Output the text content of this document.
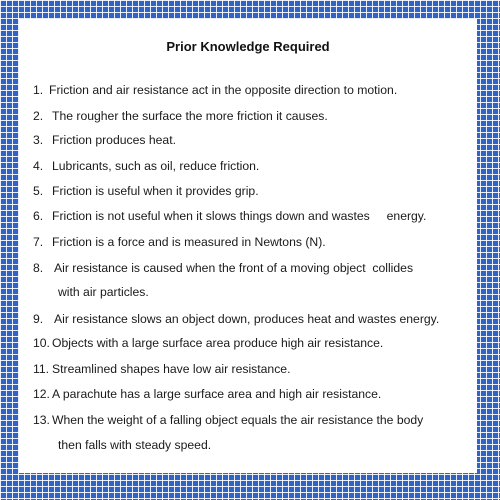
Prior Knowledge Required
1. Friction and air resistance act in the opposite direction to motion.
2. The rougher the surface the more friction it causes.
3. Friction produces heat.
4. Lubricants, such as oil, reduce friction.
5. Friction is useful when it provides grip.
6. Friction is not useful when it slows things down and wastes     energy.
7. Friction is a force and is measured in Newtons (N).
8. Air resistance is caused when the front of a moving object  collides
with air particles.
9. Air resistance slows an object down, produces heat and wastes energy.
10. Objects with a large surface area produce high air resistance.
11. Streamlined shapes have low air resistance.
12. A parachute has a large surface area and high air resistance.
13. When the weight of a falling object equals the air resistance the body
then falls with steady speed.
